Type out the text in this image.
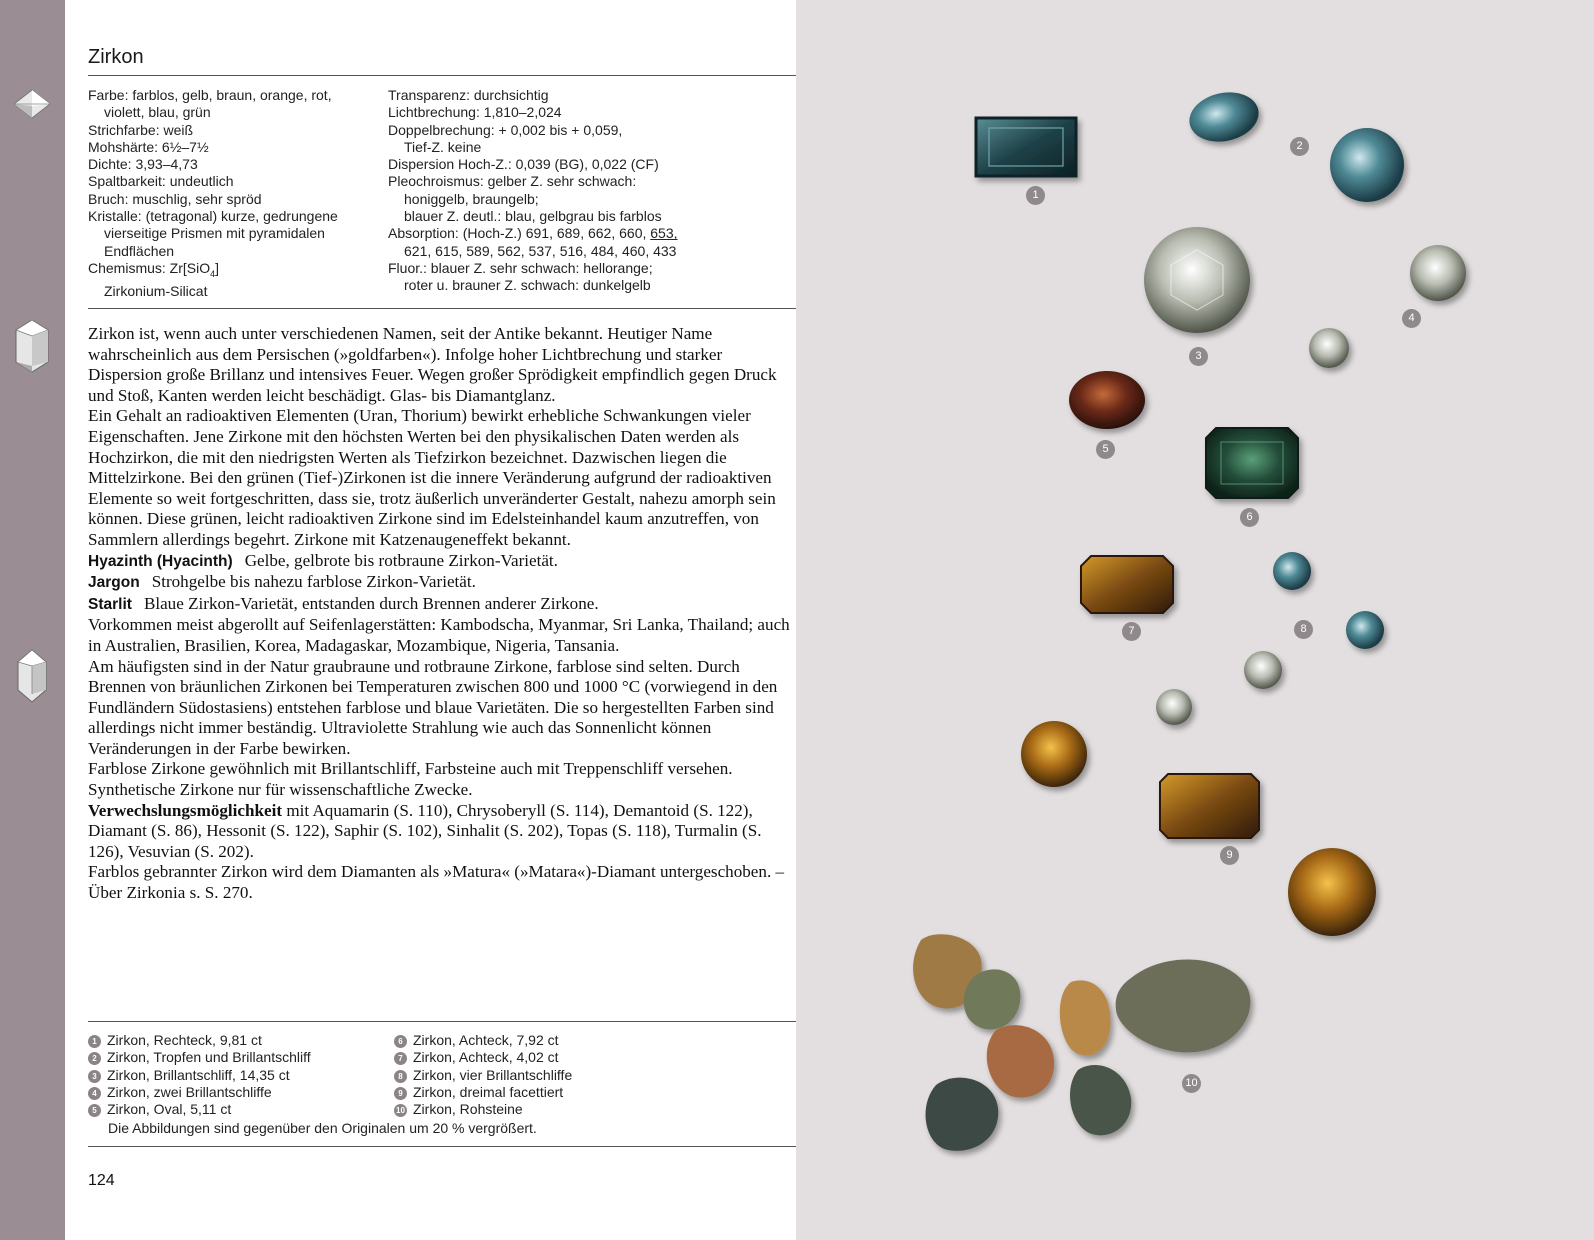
Zirkon
Farbe: farblos, gelb, braun, orange, rot,
violett, blau, grün
Strichfarbe: weiß
Mohshärte: 6½–7½
Dichte: 3,93–4,73
Spaltbarkeit: undeutlich
Bruch: muschlig, sehr spröd
Kristalle: (tetragonal) kurze, gedrungene
vierseitige Prismen mit pyramidalen
Endflächen
Chemismus: Zr[SiO$_4$]
Zirkonium-Silicat
Transparenz: durchsichtig
Lichtbrechung: 1,810–2,024
Doppelbrechung: + 0,002 bis + 0,059,
Tief-Z. keine
Dispersion Hoch-Z.: 0,039 (BG), 0,022 (CF)
Pleochroismus: gelber Z. sehr schwach:
honiggelb, braungelb;
blauer Z. deutl.: blau, gelbgrau bis farblos
Absorption: (Hoch-Z.) 691, 689, 662, 660, 653,
621, 615, 589, 562, 537, 516, 484, 460, 433
Fluor.: blauer Z. sehr schwach: hellorange;
roter u. brauner Z. schwach: dunkelgelb

Zirkon ist, wenn auch unter verschiedenen Namen, seit der Antike bekannt. Heutiger Name wahrscheinlich aus dem Persischen (»goldfarben«). Infolge hoher Lichtbrechung und starker Dispersion große Brillanz und intensives Feuer. Wegen großer Sprödigkeit empfindlich gegen Druck und Stoß, Kanten werden leicht beschädigt. Glas- bis Diamantglanz.

Ein Gehalt an radioaktiven Elementen (Uran, Thorium) bewirkt erhebliche Schwankungen vieler Eigenschaften. Jene Zirkone mit den höchsten Werten bei den physikalischen Daten werden als Hochzirkon, die mit den niedrigsten Werten als Tiefzirkon bezeichnet. Dazwischen liegen die Mittelzirkone. Bei den grünen (Tief-)Zirkonen ist die innere Veränderung aufgrund der radioaktiven Elemente so weit fortgeschritten, dass sie, trotz äußerlich unveränderter Gestalt, nahezu amorph sein können. Diese grünen, leicht radioaktiven Zirkone sind im Edelsteinhandel kaum anzutreffen, von Sammlern allerdings begehrt. Zirkone mit Katzenaugeneffekt bekannt.

Hyazinth (Hyacinth) Gelbe, gelbrote bis rotbraune Zirkon-Varietät.

Jargon Strohgelbe bis nahezu farblose Zirkon-Varietät.

Starlit Blaue Zirkon-Varietät, entstanden durch Brennen anderer Zirkone.

Vorkommen meist abgerollt auf Seifenlagerstätten: Kambodscha, Myanmar, Sri Lanka, Thailand; auch in Australien, Brasilien, Korea, Madagaskar, Mozambique, Nigeria, Tansania.

Am häufigsten sind in der Natur graubraune und rotbraune Zirkone, farblose sind selten. Durch Brennen von bräunlichen Zirkonen bei Temperaturen zwischen 800 und 1000 °C (vorwiegend in den Fundländern Südostasiens) entstehen farblose und blaue Varietäten. Die so hergestellten Farben sind allerdings nicht immer beständig. Ultraviolette Strahlung wie auch das Sonnenlicht können Veränderungen in der Farbe bewirken.

Farblose Zirkone gewöhnlich mit Brillantschliff, Farbsteine auch mit Treppenschliff versehen. Synthetische Zirkone nur für wissenschaftliche Zwecke.

Verwechslungsmöglichkeit mit Aquamarin (S. 110), Chrysoberyll (S. 114), Demantoid (S. 122), Diamant (S. 86), Hessonit (S. 122), Saphir (S. 102), Sinhalit (S. 202), Topas (S. 118), Turmalin (S. 126), Vesuvian (S. 202).

Farblos gebrannter Zirkon wird dem Diamanten als »Matura« (»Matara«)-Diamant untergeschoben. – Über Zirkonia s. S. 270.

1 Zirkon, Rechteck, 9,81 ct
2 Zirkon, Tropfen und Brillantschliff
3 Zirkon, Brillantschliff, 14,35 ct
4 Zirkon, zwei Brillantschliffe
5 Zirkon, Oval, 5,11 ct
6 Zirkon, Achteck, 7,92 ct
7 Zirkon, Achteck, 4,02 ct
8 Zirkon, vier Brillantschliffe
9 Zirkon, dreimal facettiert
10 Zirkon, Rohsteine
Die Abbildungen sind gegenüber den Originalen um 20 % vergrößert.
124
1
2
3
4
5
6
7	8
9
10
